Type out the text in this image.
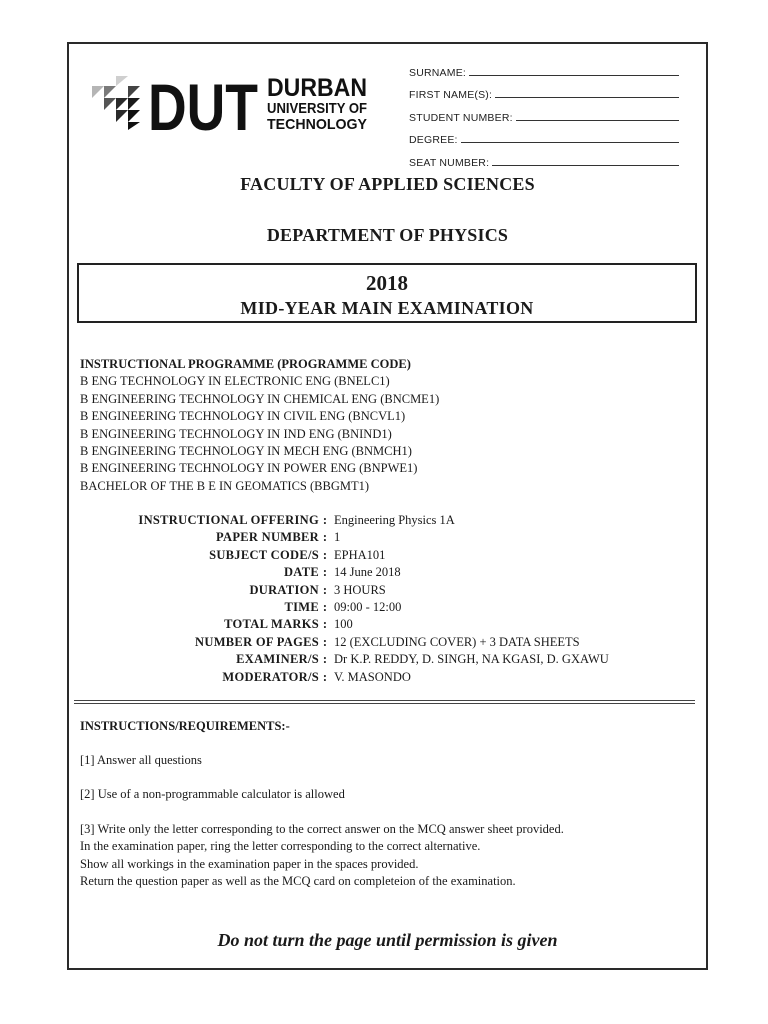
DUT DURBAN
UNIVERSITY OF
TECHNOLOGY
SURNAME:
FIRST NAME(S):
STUDENT NUMBER:
DEGREE:
SEAT NUMBER:
FACULTY OF APPLIED SCIENCES
DEPARTMENT OF PHYSICS
2018
MID-YEAR MAIN EXAMINATION
INSTRUCTIONAL PROGRAMME (PROGRAMME CODE)
B ENG TECHNOLOGY IN ELECTRONIC ENG (BNELC1)
B ENGINEERING TECHNOLOGY IN CHEMICAL ENG (BNCME1)
B ENGINEERING TECHNOLOGY IN CIVIL ENG (BNCVL1)
B ENGINEERING TECHNOLOGY IN IND ENG (BNIND1)
B ENGINEERING TECHNOLOGY IN MECH ENG (BNMCH1)
B ENGINEERING TECHNOLOGY IN POWER ENG (BNPWE1)
BACHELOR OF THE B E IN GEOMATICS (BBGMT1)
INSTRUCTIONAL OFFERING : Engineering Physics 1A
PAPER NUMBER : 1
SUBJECT CODE/S : EPHA101
DATE : 14 June 2018
DURATION : 3 HOURS
TIME : 09:00 - 12:00
TOTAL MARKS : 100
NUMBER OF PAGES : 12 (EXCLUDING COVER) + 3 DATA SHEETS
EXAMINER/S : Dr K.P. REDDY, D. SINGH, NA KGASI, D. GXAWU
MODERATOR/S : V. MASONDO
INSTRUCTIONS/REQUIREMENTS:-
[1] Answer all questions
[2] Use of a non-programmable calculator is allowed
[3] Write only the letter corresponding to the correct answer on the MCQ answer sheet provided.
In the examination paper, ring the letter corresponding to the correct alternative.
Show all workings in the examination paper in the spaces provided.
Return the question paper as well as the MCQ card on completeion of the examination.
Do not turn the page until permission is given
